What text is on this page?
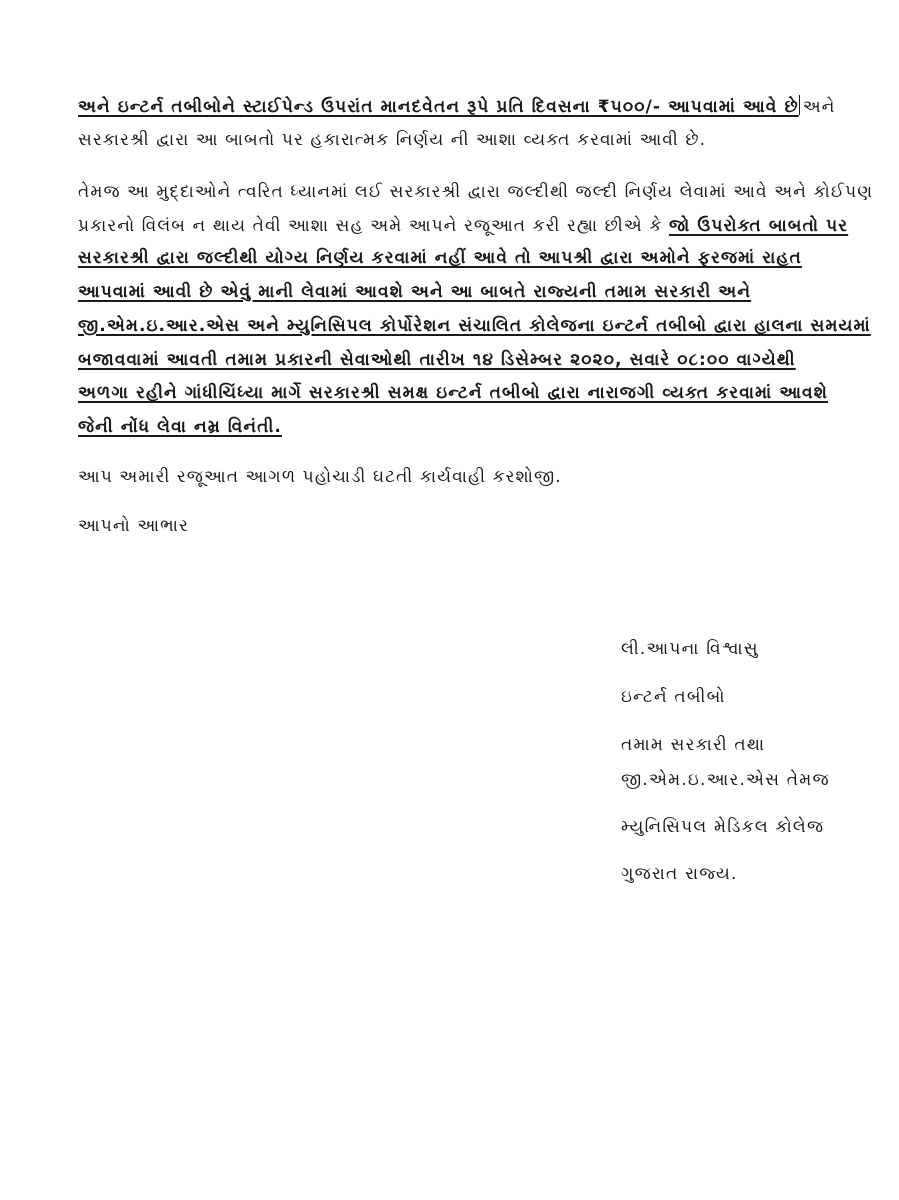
અને ઇન્ટર્ન તબીબોને સ્ટાઈપેન્ડ ઉપરાંત માનદવેતન રૂપે પ્રતિ દિવસના ₹૫૦૦/- આપવામાં આવે છે અને
સરકારશ્રી દ્વારા આ બાબતો પર હકારાત્મક નિર્ણય ની આશા વ્યક્ત કરવામાં આવી છે.
તેમજ આ મુદ્દાઓને ત્વરિત ધ્યાનમાં લઈ સરકારશ્રી દ્વારા જલ્દીથી જલ્દી નિર્ણય લેવામાં આવે અને કોઈપણ
પ્રકારનો વિલંબ ન થાય તેવી આશા સહ અમે આપને રજૂઆત કરી રહ્યા છીએ કે જો ઉપરોક્ત બાબતો પર
સરકારશ્રી દ્વારા જલ્દીથી યોગ્ય નિર્ણય કરવામાં નહીં આવે તો આપશ્રી દ્વારા અમોને ફરજમાં રાહત
આપવામાં આવી છે એવું માની લેવામાં આવશે અને આ બાબતે રાજ્યની તમામ સરકારી અને
જી.એમ.ઇ.આર.એસ અને મ્યુનિસિપલ કોર્પોરેશન સંચાલિત કોલેજના ઇન્ટર્ન તબીબો દ્વારા હાલના સમયમાં
બજાવવામાં આવતી તમામ પ્રકારની સેવાઓથી તારીખ ૧૪ ડિસેમ્બર ૨૦૨૦, સવારે ૦૮:૦૦ વાગ્યેથી
અળગા રહીને ગાંધીચિંધ્યા માર્ગે સરકારશ્રી સમક્ષ ઇન્ટર્ન તબીબો દ્વારા નારાજગી વ્યક્ત કરવામાં આવશે
જેની નોંધ લેવા નમ્ર વિનંતી.
આપ અમારી રજૂઆત આગળ પહોચાડી ઘટતી કાર્યવાહી કરશોજી.
આપનો આભાર
લી.આપના વિશ્વાસુ
ઇન્ટર્ન તબીબો
તમામ સરકારી તથા
જી.એમ.ઇ.આર.એસ તેમજ
મ્યુનિસિપલ મેડિકલ કોલેજ
ગુજરાત રાજ્ય.
